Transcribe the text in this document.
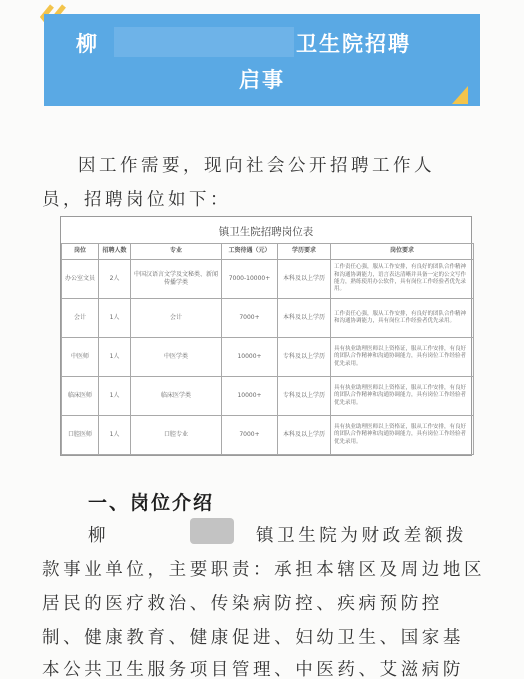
柳	卫生院招聘
启事
因工作需要，现向社会公开招聘工作人
员，招聘岗位如下：
镇卫生院招聘岗位表
岗位	招聘人数	专业	工资待遇（元）	学历要求	岗位要求
办公室文员	2人	中国汉语言文学及文秘类、新闻传播学类	7000-10000+	本科及以上学历	工作责任心强，服从工作安排，有良好的团队合作精神和沟通协调能力，语言表达清晰并具备一定的公文写作能力，熟练使用办公软件，具有岗位工作经验者优先录用。
会计	1人	会计	7000+	本科及以上学历	工作责任心强，服从工作安排，有良好的团队合作精神和沟通协调能力，具有岗位工作经验者优先录用。
中医师	1人	中医学类	10000+	专科及以上学历	具有执业助理医师以上资格证，服从工作安排，有良好的团队合作精神和沟通协调能力，具有岗位工作经验者优先录用。
临床医师	1人	临床医学类	10000+	专科及以上学历	具有执业助理医师以上资格证，服从工作安排，有良好的团队合作精神和沟通协调能力，具有岗位工作经验者优先录用。
口腔医师	1人	口腔专业	7000+	本科及以上学历	具有执业助理医师以上资格证，服从工作安排，有良好的团队合作精神和沟通协调能力，具有岗位工作经验者优先录用。
一、岗位介绍
柳	镇卫生院为财政差额拨
款事业单位，主要职责：承担本辖区及周边地区
居民的医疗救治、传染病防控、疾病预防控
制、健康教育、健康促进、妇幼卫生、国家基
本公共卫生服务项目管理、中医药、艾滋病防
